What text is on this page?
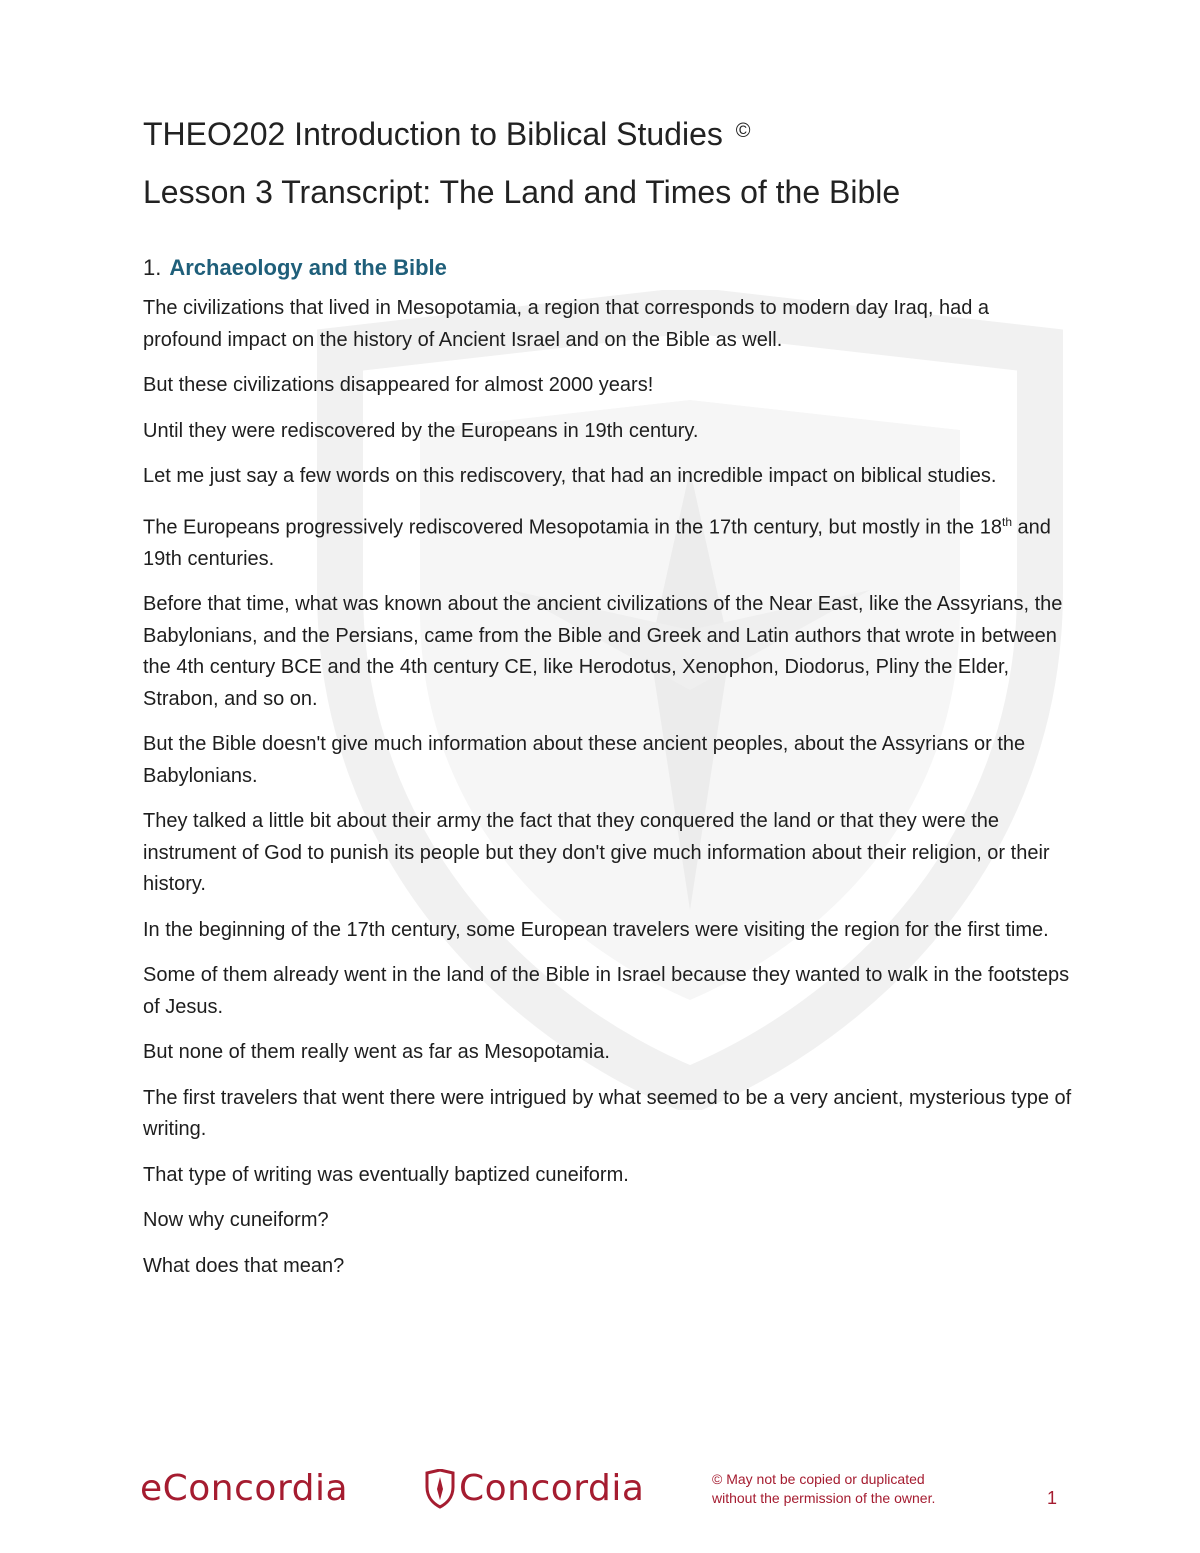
THEO202 Introduction to Biblical Studies ©
Lesson 3 Transcript: The Land and Times of the Bible
1. Archaeology and the Bible

The civilizations that lived in Mesopotamia, a region that corresponds to modern day Iraq, had a profound impact on the history of Ancient Israel and on the Bible as well.

But these civilizations disappeared for almost 2000 years!

Until they were rediscovered by the Europeans in 19th century.

Let me just say a few words on this rediscovery, that had an incredible impact on biblical studies.

The Europeans progressively rediscovered Mesopotamia in the 17th century, but mostly in the 18th and 19th centuries.

Before that time, what was known about the ancient civilizations of the Near East, like the Assyrians, the Babylonians, and the Persians, came from the Bible and Greek and Latin authors that wrote in between the 4th century BCE and the 4th century CE, like Herodotus, Xenophon, Diodorus, Pliny the Elder, Strabon, and so on.

But the Bible doesn't give much information about these ancient peoples, about the Assyrians or the Babylonians.

They talked a little bit about their army the fact that they conquered the land or that they were the instrument of God to punish its people but they don't give much information about their religion, or their history.

In the beginning of the 17th century, some European travelers were visiting the region for the first time.

Some of them already went in the land of the Bible in Israel because they wanted to walk in the footsteps of Jesus.

But none of them really went as far as Mesopotamia.

The first travelers that went there were intrigued by what seemed to be a very ancient, mysterious type of writing.

That type of writing was eventually baptized cuneiform.

Now why cuneiform?

What does that mean?

eConcordia	Concordia	© May not be copied or duplicated
without the permission of the owner.	1
